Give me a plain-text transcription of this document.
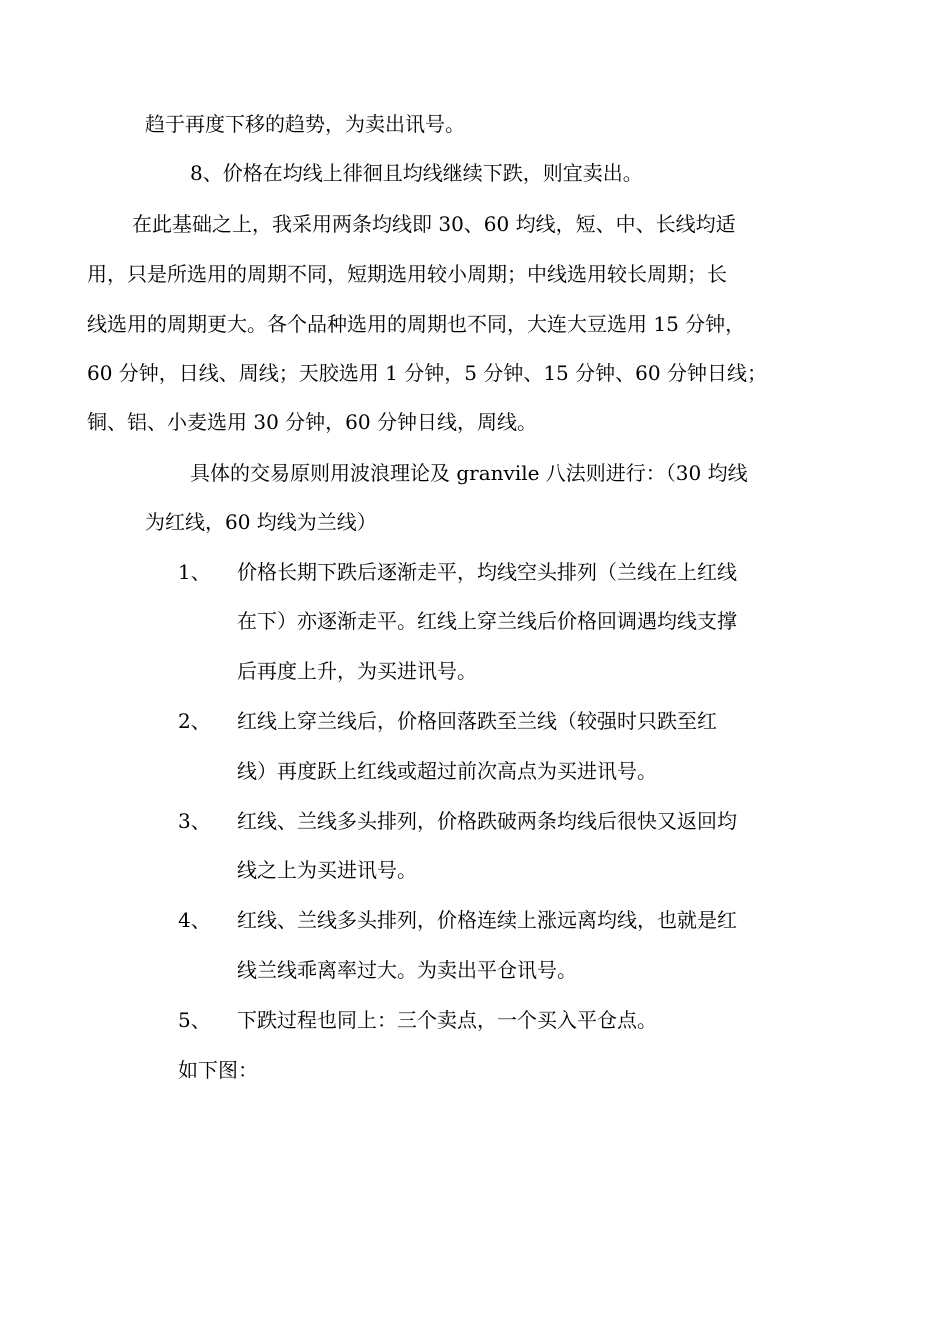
趋于再度下移的趋势，为卖出讯号。
8、价格在均线上徘徊且均线继续下跌，则宜卖出。
在此基础之上，我采用两条均线即 30、60 均线，短、中、长线均适
用，只是所选用的周期不同，短期选用较小周期；中线选用较长周期；长
线选用的周期更大。各个品种选用的周期也不同，大连大豆选用 15 分钟，
60 分钟，日线、周线；天胶选用 1 分钟，5 分钟、15 分钟、60 分钟日线；
铜、铝、小麦选用 30 分钟，60 分钟日线，周线。
具体的交易原则用波浪理论及 granvile 八法则进行：（30 均线
为红线，60 均线为兰线）
1、 价格长期下跌后逐渐走平，均线空头排列（兰线在上红线
在下）亦逐渐走平。红线上穿兰线后价格回调遇均线支撑
后再度上升，为买进讯号。
2、 红线上穿兰线后，价格回落跌至兰线（较强时只跌至红
线）再度跃上红线或超过前次高点为买进讯号。
3、 红线、兰线多头排列，价格跌破两条均线后很快又返回均
线之上为买进讯号。
4、 红线、兰线多头排列，价格连续上涨远离均线，也就是红
线兰线乖离率过大。为卖出平仓讯号。
5、 下跌过程也同上：三个卖点，一个买入平仓点。
如下图：
